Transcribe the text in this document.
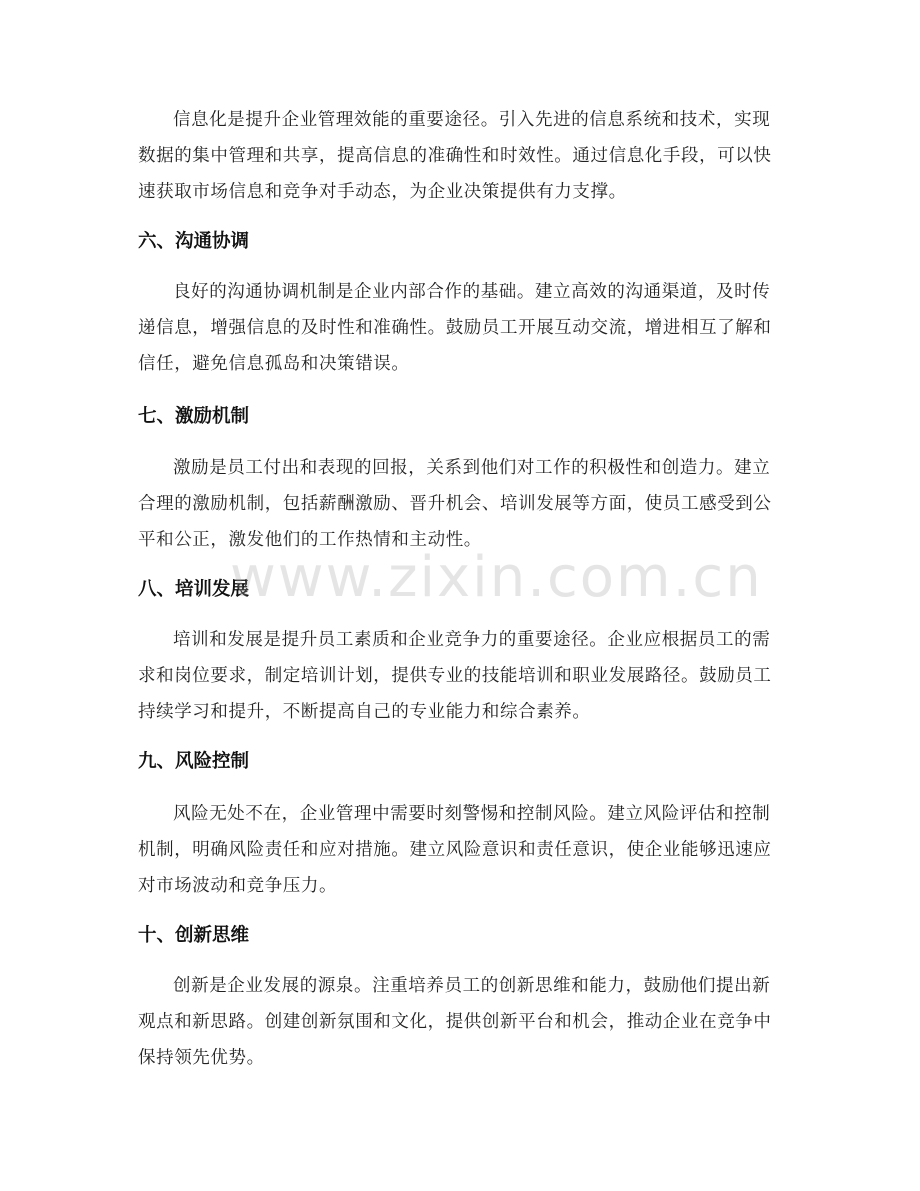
信息化是提升企业管理效能的重要途径。引入先进的信息系统和技术，实现数据的集中管理和共享，提高信息的准确性和时效性。通过信息化手段，可以快速获取市场信息和竞争对手动态，为企业决策提供有力支撑。

六、沟通协调

良好的沟通协调机制是企业内部合作的基础。建立高效的沟通渠道，及时传递信息，增强信息的及时性和准确性。鼓励员工开展互动交流，增进相互了解和信任，避免信息孤岛和决策错误。

七、激励机制

激励是员工付出和表现的回报，关系到他们对工作的积极性和创造力。建立合理的激励机制，包括薪酬激励、晋升机会、培训发展等方面，使员工感受到公平和公正，激发他们的工作热情和主动性。

八、培训发展

培训和发展是提升员工素质和企业竞争力的重要途径。企业应根据员工的需求和岗位要求，制定培训计划，提供专业的技能培训和职业发展路径。鼓励员工持续学习和提升，不断提高自己的专业能力和综合素养。

九、风险控制

风险无处不在，企业管理中需要时刻警惕和控制风险。建立风险评估和控制机制，明确风险责任和应对措施。建立风险意识和责任意识，使企业能够迅速应对市场波动和竞争压力。

十、创新思维

创新是企业发展的源泉。注重培养员工的创新思维和能力，鼓励他们提出新观点和新思路。创建创新氛围和文化，提供创新平台和机会，推动企业在竞争中保持领先优势。

www.zixin.com.cn
